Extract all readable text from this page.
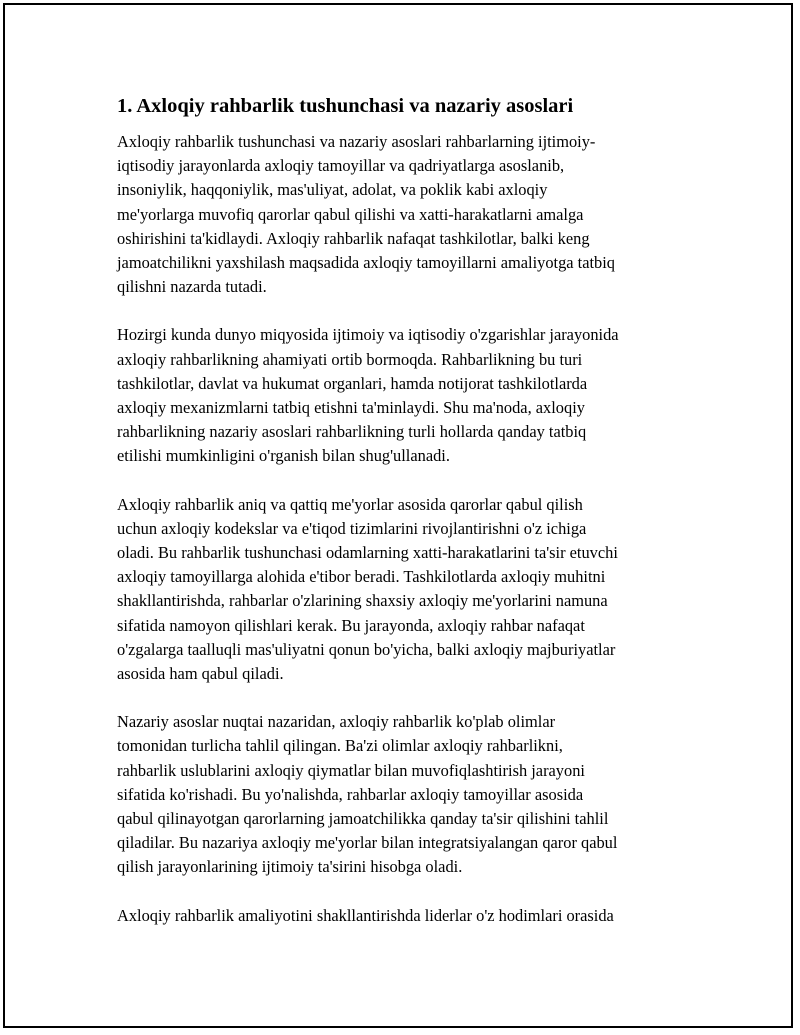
1. Axloqiy rahbarlik tushunchasi va nazariy asoslari
Axloqiy rahbarlik tushunchasi va nazariy asoslari rahbarlarning ijtimoiy-
iqtisodiy jarayonlarda axloqiy tamoyillar va qadriyatlarga asoslanib,
insoniylik, haqqoniylik, mas'uliyat, adolat, va poklik kabi axloqiy
me'yorlarga muvofiq qarorlar qabul qilishi va xatti-harakatlarni amalga
oshirishini ta'kidlaydi. Axloqiy rahbarlik nafaqat tashkilotlar, balki keng
jamoatchilikni yaxshilash maqsadida axloqiy tamoyillarni amaliyotga tatbiq
qilishni nazarda tutadi.
Hozirgi kunda dunyo miqyosida ijtimoiy va iqtisodiy o'zgarishlar jarayonida
axloqiy rahbarlikning ahamiyati ortib bormoqda. Rahbarlikning bu turi
tashkilotlar, davlat va hukumat organlari, hamda notijorat tashkilotlarda
axloqiy mexanizmlarni tatbiq etishni ta'minlaydi. Shu ma'noda, axloqiy
rahbarlikning nazariy asoslari rahbarlikning turli hollarda qanday tatbiq
etilishi mumkinligini o'rganish bilan shug'ullanadi.
Axloqiy rahbarlik aniq va qattiq me'yorlar asosida qarorlar qabul qilish
uchun axloqiy kodekslar va e'tiqod tizimlarini rivojlantirishni o'z ichiga
oladi. Bu rahbarlik tushunchasi odamlarning xatti-harakatlarini ta'sir etuvchi
axloqiy tamoyillarga alohida e'tibor beradi. Tashkilotlarda axloqiy muhitni
shakllantirishda, rahbarlar o'zlarining shaxsiy axloqiy me'yorlarini namuna
sifatida namoyon qilishlari kerak. Bu jarayonda, axloqiy rahbar nafaqat
o'zgalarga taalluqli mas'uliyatni qonun bo'yicha, balki axloqiy majburiyatlar
asosida ham qabul qiladi.
Nazariy asoslar nuqtai nazaridan, axloqiy rahbarlik ko'plab olimlar
tomonidan turlicha tahlil qilingan. Ba'zi olimlar axloqiy rahbarlikni,
rahbarlik uslublarini axloqiy qiymatlar bilan muvofiqlashtirish jarayoni
sifatida ko'rishadi. Bu yo'nalishda, rahbarlar axloqiy tamoyillar asosida
qabul qilinayotgan qarorlarning jamoatchilikka qanday ta'sir qilishini tahlil
qiladilar. Bu nazariya axloqiy me'yorlar bilan integratsiyalangan qaror qabul
qilish jarayonlarining ijtimoiy ta'sirini hisobga oladi.
Axloqiy rahbarlik amaliyotini shakllantirishda liderlar o'z hodimlari orasida
